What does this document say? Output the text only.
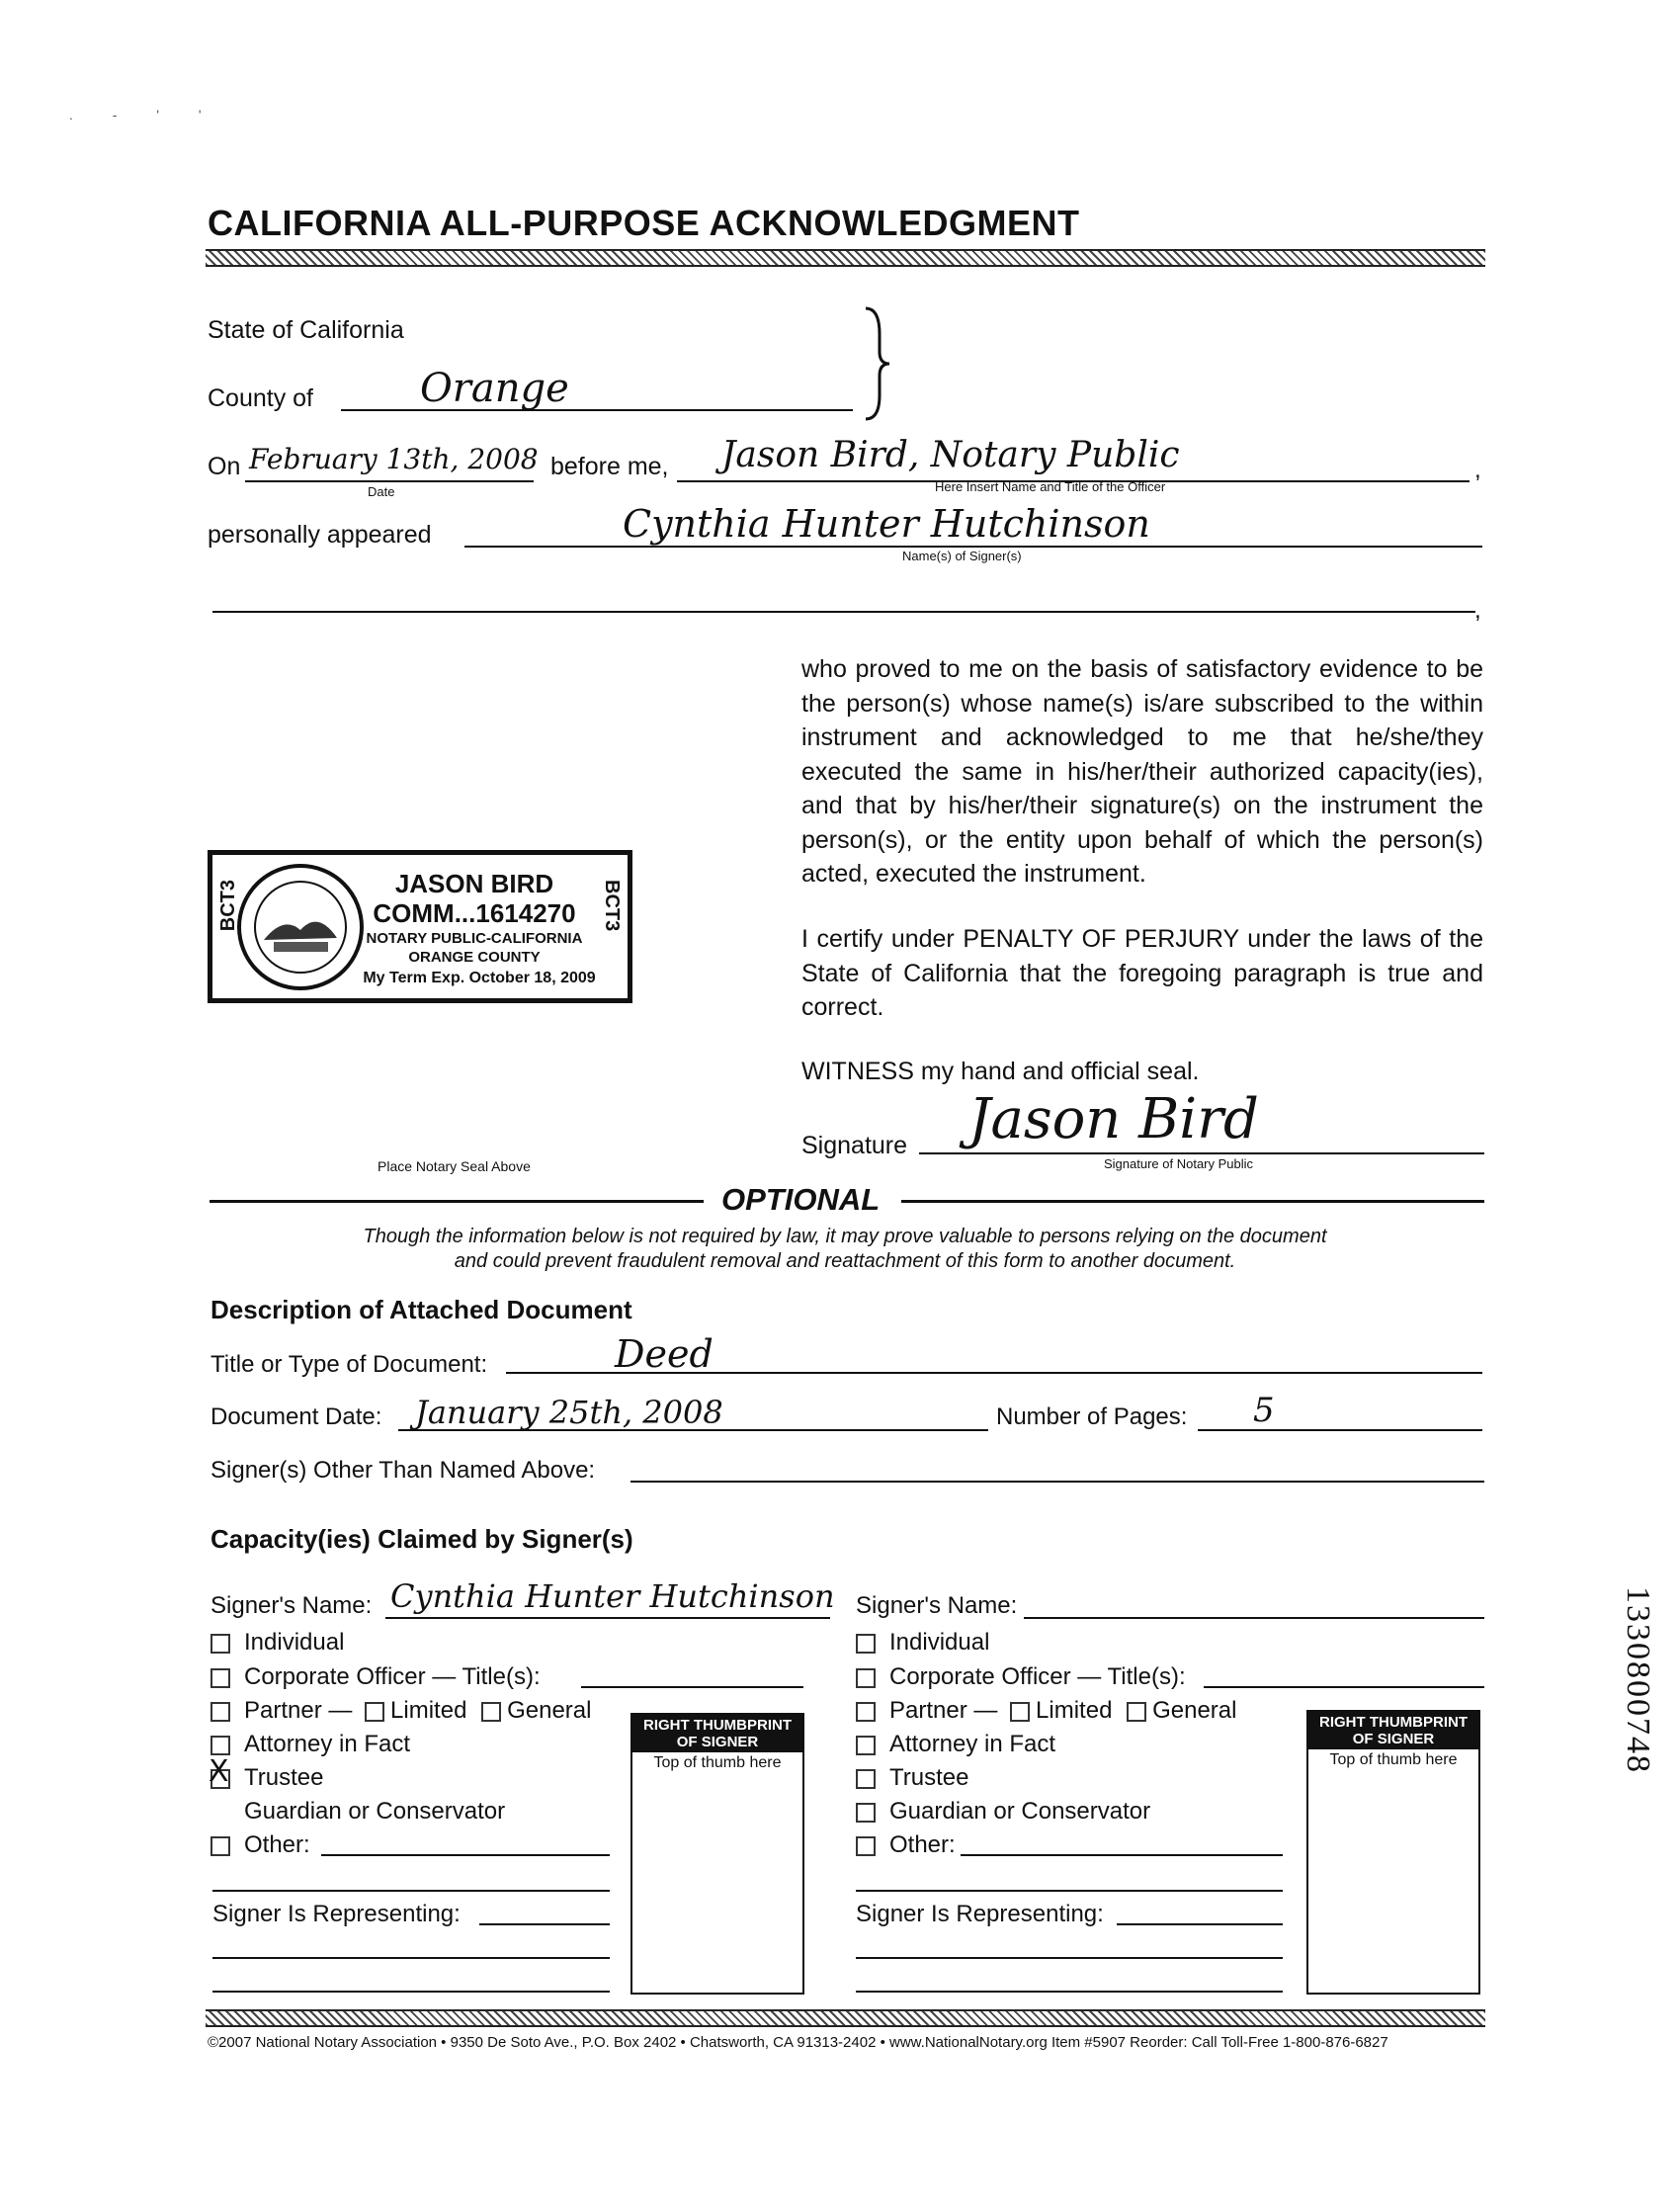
. - ' '
CALIFORNIA ALL-PURPOSE ACKNOWLEDGMENT
State of California
County of	Orange
On February 13th, 2008
Date
before me, Jason Bird, Notary Public	,
Here Insert Name and Title of the Officer
personally appeared	Cynthia Hunter Hutchinson
Name(s) of Signer(s)
,
who proved to me on the basis of satisfactory evidence to be the person(s) whose name(s) is/are subscribed to the within instrument and acknowledged to me that he/she/they executed the same in his/her/their authorized capacity(ies), and that by his/her/their signature(s) on the instrument the person(s), or the entity upon behalf of which the person(s) acted, executed the instrument.
I certify under PENALTY OF PERJURY under the laws of the State of California that the foregoing paragraph is true and correct.
WITNESS my hand and official seal.
Signature Jason Bird
Signature of Notary Public
BCT3	BCT3
JASON BIRD
COMM...1614270
NOTARY PUBLIC-CALIFORNIA
ORANGE COUNTY
My Term Exp. October 18, 2009
Place Notary Seal Above
OPTIONAL
Though the information below is not required by law, it may prove valuable to persons relying on the document
and could prevent fraudulent removal and reattachment of this form to another document.
Description of Attached Document
Title or Type of Document:	Deed
Document Date: January 25th, 2008	Number of Pages: 5
Signer(s) Other Than Named Above:
Capacity(ies) Claimed by Signer(s)
Signer's Name: Cynthia Hunter Hutchinson
Individual
Corporate Officer — Title(s):
Partner — Limited General
Attorney in Fact
X Trustee
Guardian or Conservator
Other:
Signer Is Representing:
RIGHT THUMBPRINT
OF SIGNER
Top of thumb here
Signer's Name:
Individual
Corporate Officer — Title(s):
Partner — Limited General
Attorney in Fact
Trustee
Guardian or Conservator
Other:
Signer Is Representing:
RIGHT THUMBPRINT
OF SIGNER
Top of thumb here
©2007 National Notary Association • 9350 De Soto Ave., P.O. Box 2402 • Chatsworth, CA 91313-2402 • www.NationalNotary.org Item #5907 Reorder: Call Toll-Free 1-800-876-6827
1330800748
